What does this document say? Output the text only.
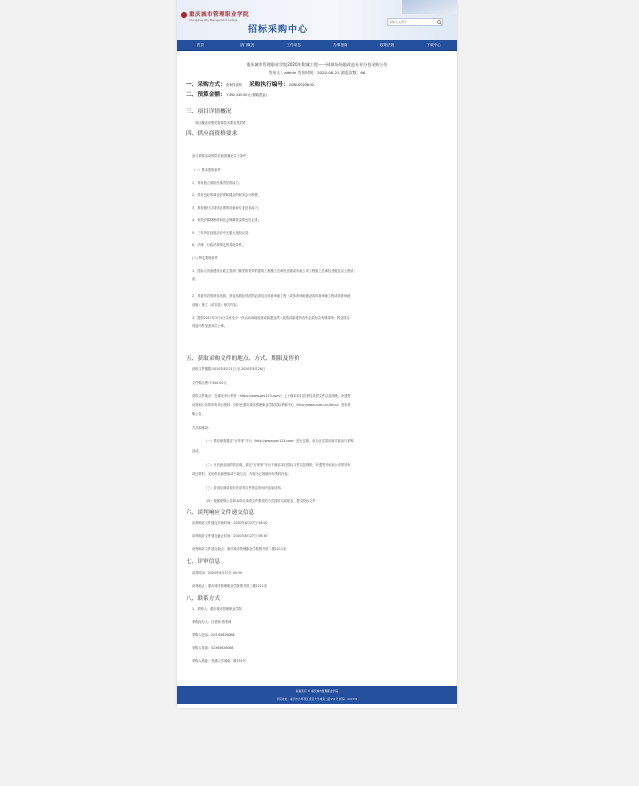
重庆城市管理职业学院
Chongqing City Management College
招标采购中心
请输入关键字
首页	部门概况	工作动态	办事指南	政策法规	下载中心
重庆城市管理职业学院2020年附属工程——网球场场地改造专业分包采购公告
发布人：admin 发布时间：2020-08-21 浏览次数：66
一、采购方式：竞争性谈判 采购执行编号：CSWU2020B-02
二、预算金额：￥492,245.00元 (财政资金)
三、项目详情概况
项目概述详情见需要技术要求见附件
四、供应商资格要求
参与采购活动的供应商需满足以下条件
（一）基本资格条件
1、具有独立承担民事责任的能力；
2、具有良好的商业信誉和健全的财务会计制度；
3、具有履行合同所必需的设备和专业技术能力；
4、有依法缴纳税收和社会保障资金的良好记录；
5、三年内在经营活动中无重大违纪记录；
6、法律、行政法规规定的其他条件。
(二) 特定资格条件
1、投标人具备建设行政主管部门颁发的有效的建筑工程施工总承包叁级或市政公用工程施工总承包叁级及以上资质；
质；
2、具备有效的营业执照，营业执照经营范围必须包含体育场地工程（或体育场地建设或体育场地工程或体育场地
设施）施工（或安装）相关内容；
3、提供2017年3月1日以来至少一份运动场地改造或新建业绩（改造或新建内容中必须包含有网球场）的业绩合
同复印件加盖单位公章。
五、获取采购文件的地点、方式、期限及售价
获取文件期限:2020年8月21日 至 2020年8月26日
文件购买费:￥500.00元
获取文件地点：在重庆市行采家（https://www.gec123.com/）上下载本项目竞争性谈判文件以及图纸。补遗等
谈判和公布的所有项目资料：同时在重庆城市管理职业学院招标采购中心（http://www.cswu.cn/zbcx/）发布采
购公告。
方式和事项：
（一）供应商需通过“行采家”平台（http://www.gec123.com）进行注册，成为正式供应商方能参与采购
活动。
（二）凡有意参加的供应商，请在“行采家”平台下载本项目招标文件以及图纸、补遗等开标前公布的所有
项目资料，无论供应商领取或下载与否，均视为已知晓所有资料内容。
（三）各供应商请及时在谈判文件规定时间内参加谈判。
（四）根据采购公告和本项目谈判文件要求的方式按时完成报名，提交投标文件
六、谈判响应文件递交信息
谈判响应文件递交开始时间：2020年8月27日 09:00
谈判响应文件递交截止时间：2020年8月27日 09:30
谈判响应文件递交地点：重庆城市管理职业学院图书馆二楼1211室
七、评审信息
谈判时间：2020年8月27日 09:30
谈判地点：重庆城市管理职业学院图书馆二楼1211室
八、联系方式
1、采购人：重庆城市管理职业学院
采购经办人：汪老师 蔡老师
采购人电话：023-65626068
采购人传真：02365626068
采购人地址：虎溪大学城南二路151号
版权所有 © 重庆城市管理职业学院
学院地址：重庆市沙坪坝区虎溪大学城南二路151号 邮编：401331
